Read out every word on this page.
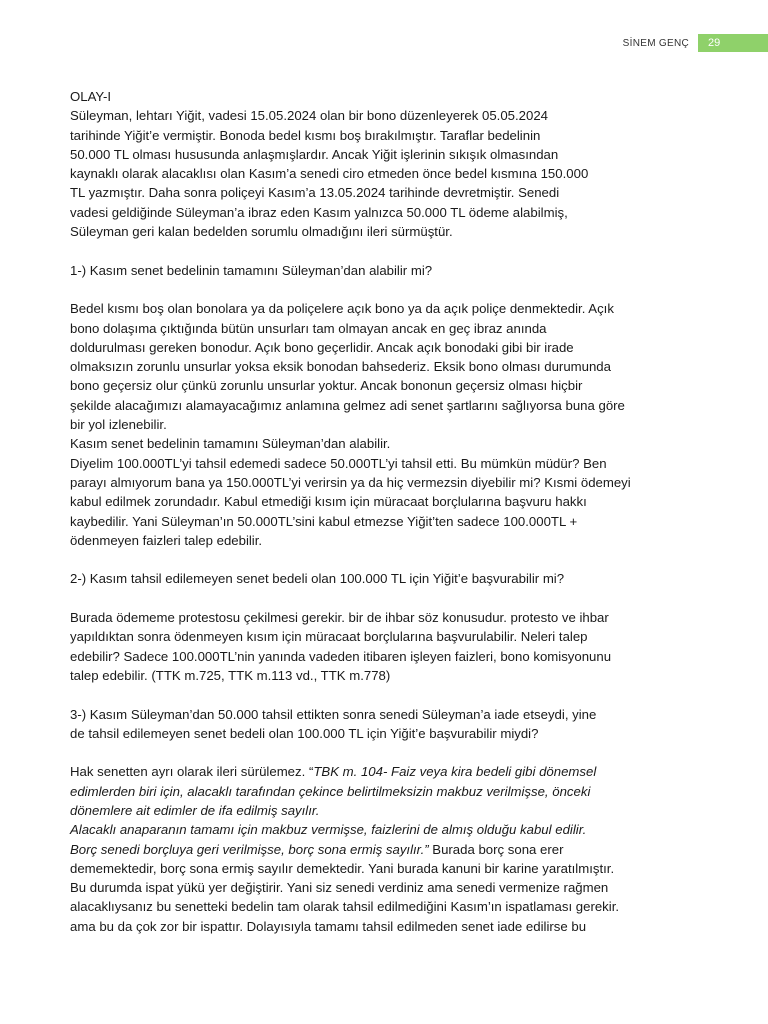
SİNEM GENÇ	29

OLAY-I

Süleyman, lehtarı Yiğit, vadesi 15.05.2024 olan bir bono düzenleyerek 05.05.2024

tarihinde Yiğit’e vermiştir. Bonoda bedel kısmı boş bırakılmıştır. Taraflar bedelinin

50.000 TL olması hususunda anlaşmışlardır. Ancak Yiğit işlerinin sıkışık olmasından

kaynaklı olarak alacaklısı olan Kasım’a senedi ciro etmeden önce bedel kısmına 150.000

TL yazmıştır. Daha sonra poliçeyi Kasım’a 13.05.2024 tarihinde devretmiştir. Senedi

vadesi geldiğinde Süleyman’a ibraz eden Kasım yalnızca 50.000 TL ödeme alabilmiş,

Süleyman geri kalan bedelden sorumlu olmadığını ileri sürmüştür.

1-) Kasım senet bedelinin tamamını Süleyman’dan alabilir mi?

Bedel kısmı boş olan bonolara ya da poliçelere açık bono ya da açık poliçe denmektedir. Açık

bono dolaşıma çıktığında bütün unsurları tam olmayan ancak en geç ibraz anında

doldurulması gereken bonodur. Açık bono geçerlidir. Ancak açık bonodaki gibi bir irade

olmaksızın zorunlu unsurlar yoksa eksik bonodan bahsederiz. Eksik bono olması durumunda

bono geçersiz olur çünkü zorunlu unsurlar yoktur. Ancak bononun geçersiz olması hiçbir

şekilde alacağımızı alamayacağımız anlamına gelmez adi senet şartlarını sağlıyorsa buna göre

bir yol izlenebilir.

Kasım senet bedelinin tamamını Süleyman’dan alabilir.

Diyelim 100.000TL’yi tahsil edemedi sadece 50.000TL’yi tahsil etti. Bu mümkün müdür? Ben

parayı almıyorum bana ya 150.000TL’yi verirsin ya da hiç vermezsin diyebilir mi? Kısmi ödemeyi

kabul edilmek zorundadır. Kabul etmediği kısım için müracaat borçlularına başvuru hakkı

kaybedilir. Yani Süleyman’ın 50.000TL’sini kabul etmezse Yiğit’ten sadece 100.000TL +

ödenmeyen faizleri talep edebilir.

2-) Kasım tahsil edilemeyen senet bedeli olan 100.000 TL için Yiğit’e başvurabilir mi?

Burada ödememe protestosu çekilmesi gerekir. bir de ihbar söz konusudur. protesto ve ihbar

yapıldıktan sonra ödenmeyen kısım için müracaat borçlularına başvurulabilir. Neleri talep

edebilir? Sadece 100.000TL’nin yanında vadeden itibaren işleyen faizleri, bono komisyonunu

talep edebilir. (TTK m.725, TTK m.113 vd., TTK m.778)

3-) Kasım Süleyman’dan 50.000 tahsil ettikten sonra senedi Süleyman’a iade etseydi, yine

de tahsil edilemeyen senet bedeli olan 100.000 TL için Yiğit’e başvurabilir miydi?

Hak senetten ayrı olarak ileri sürülemez. “TBK m. 104- Faiz veya kira bedeli gibi dönemsel

edimlerden biri için, alacaklı tarafından çekince belirtilmeksizin makbuz verilmişse, önceki

dönemlere ait edimler de ifa edilmiş sayılır.

Alacaklı anaparanın tamamı için makbuz vermişse, faizlerini de almış olduğu kabul edilir.

Borç senedi borçluya geri verilmişse, borç sona ermiş sayılır.” Burada borç sona erer

dememektedir, borç sona ermiş sayılır demektedir. Yani burada kanuni bir karine yaratılmıştır.

Bu durumda ispat yükü yer değiştirir. Yani siz senedi verdiniz ama senedi vermenize rağmen

alacaklıysanız bu senetteki bedelin tam olarak tahsil edilmediğini Kasım’ın ispatlaması gerekir.

ama bu da çok zor bir ispattır. Dolayısıyla tamamı tahsil edilmeden senet iade edilirse bu
